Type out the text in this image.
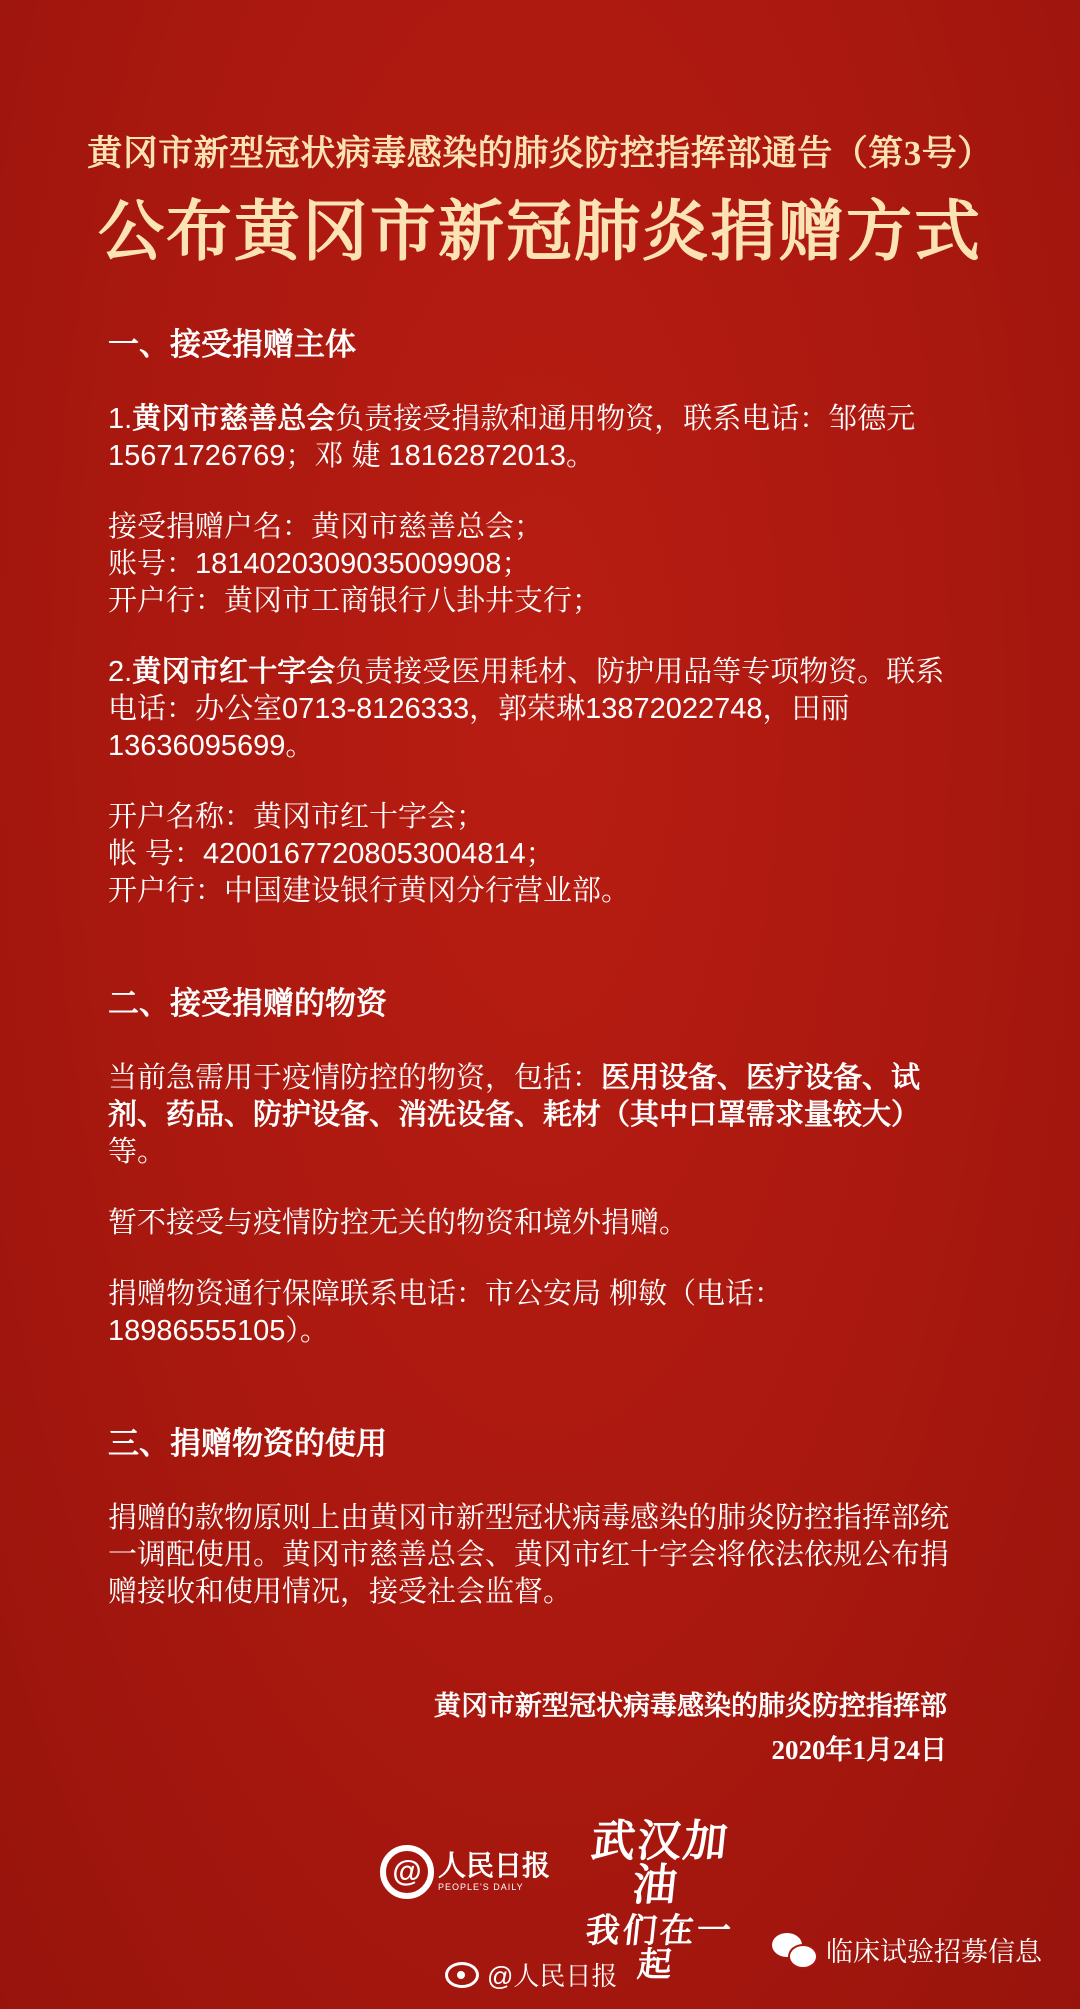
黄冈市新型冠状病毒感染的肺炎防控指挥部通告（第3号）
公布黄冈市新冠肺炎捐赠方式

一、接受捐赠主体

1.黄冈市慈善总会负责接受捐款和通用物资，联系电话：邹德元 15671726769；邓 婕 18162872013。

接受捐赠户名：黄冈市慈善总会；

账号：1814020309035009908；

开户行：黄冈市工商银行八卦井支行；

2.黄冈市红十字会负责接受医用耗材、防护用品等专项物资。联系电话：办公室0713-8126333，郭荣琳13872022748，田丽13636095699。

开户名称：黄冈市红十字会；

帐 号：42001677208053004814；

开户行：中国建设银行黄冈分行营业部。

二、接受捐赠的物资

当前急需用于疫情防控的物资，包括：医用设备、医疗设备、试剂、药品、防护设备、消洗设备、耗材（其中口罩需求量较大）等。

暂不接受与疫情防控无关的物资和境外捐赠。

捐赠物资通行保障联系电话：市公安局 柳敏（电话：18986555105）。

三、捐赠物资的使用

捐赠的款物原则上由黄冈市新型冠状病毒感染的肺炎防控指挥部统一调配使用。黄冈市慈善总会、黄冈市红十字会将依法依规公布捐赠接收和使用情况，接受社会监督。

黄冈市新型冠状病毒感染的肺炎防控指挥部
2020年1月24日
@ 人民日报
PEOPLE'S DAILY
武汉加油
我们在一起
@人民日报
临床试验招募信息
